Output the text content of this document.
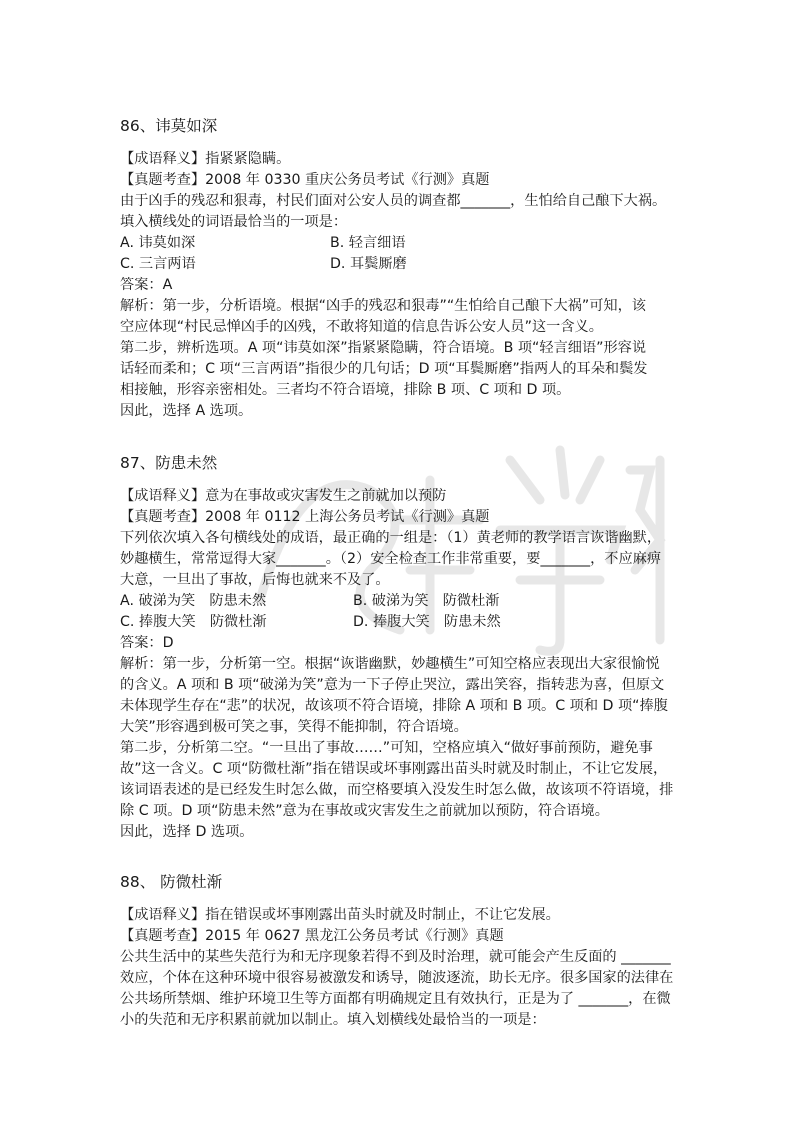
86、讳莫如深

【成语释义】指紧紧隐瞒。

【真题考查】2008 年 0330 重庆公务员考试《行测》真题

由于凶手的残忍和狠毒，村民们面对公安人员的调查都_______，生怕给自己酿下大祸。

填入横线处的词语最恰当的一项是：

A. 讳莫如深	B. 轻言细语

C. 三言两语	D. 耳鬓厮磨

答案：A

解析：第一步，分析语境。根据“凶手的残忍和狠毒”“生怕给自己酿下大祸”可知，该

空应体现“村民忌惮凶手的凶残，不敢将知道的信息告诉公安人员”这一含义。

第二步，辨析选项。A 项“讳莫如深”指紧紧隐瞒，符合语境。B 项“轻言细语”形容说

话轻而柔和；C 项“三言两语”指很少的几句话；D 项“耳鬓厮磨”指两人的耳朵和鬓发

相接触，形容亲密相处。三者均不符合语境，排除 B 项、C 项和 D 项。

因此，选择 A 选项。

87、防患未然

【成语释义】意为在事故或灾害发生之前就加以预防

【真题考查】2008 年 0112 上海公务员考试《行测》真题

下列依次填入各句横线处的成语，最正确的一组是：（1）黄老师的教学语言诙谐幽默，

妙趣横生，常常逗得大家_______。（2）安全检查工作非常重要，要_______，不应麻痹

大意，一旦出了事故，后悔也就来不及了。

A. 破涕为笑　防患未然	B. 破涕为笑　防微杜渐

C. 捧腹大笑　防微杜渐	D. 捧腹大笑　防患未然

答案：D

解析：第一步，分析第一空。根据“诙谐幽默，妙趣横生”可知空格应表现出大家很愉悦

的含义。A 项和 B 项“破涕为笑”意为一下子停止哭泣，露出笑容，指转悲为喜，但原文

未体现学生存在“悲”的状况，故该项不符合语境，排除 A 项和 B 项。C 项和 D 项“捧腹

大笑”形容遇到极可笑之事，笑得不能抑制，符合语境。

第二步，分析第二空。“一旦出了事故……”可知，空格应填入“做好事前预防，避免事

故”这一含义。C 项“防微杜渐”指在错误或坏事刚露出苗头时就及时制止，不让它发展，

该词语表述的是已经发生时怎么做，而空格要填入没发生时怎么做，故该项不符语境，排

除 C 项。D 项“防患未然”意为在事故或灾害发生之前就加以预防，符合语境。

因此，选择 D 选项。

88、 防微杜渐

【成语释义】指在错误或坏事刚露出苗头时就及时制止，不让它发展。

【真题考查】2015 年 0627 黑龙江公务员考试《行测》真题

公共生活中的某些失范行为和无序现象若得不到及时治理，就可能会产生反面的 _______

效应，个体在这种环境中很容易被激发和诱导，随波逐流，助长无序。很多国家的法律在

公共场所禁烟、维护环境卫生等方面都有明确规定且有效执行，正是为了 _______，在微

小的失范和无序积累前就加以制止。填入划横线处最恰当的一项是：
